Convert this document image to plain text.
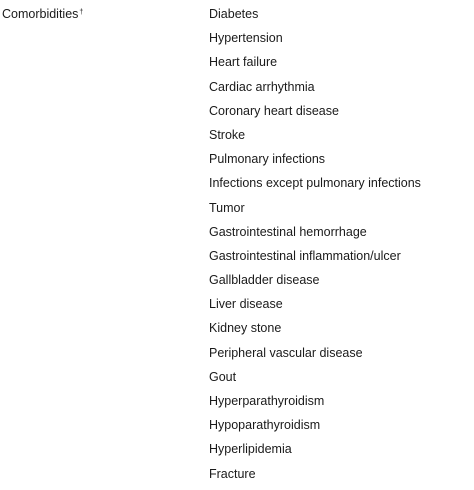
Comorbidities†	Diabetes
Hypertension
Heart failure
Cardiac arrhythmia
Coronary heart disease
Stroke
Pulmonary infections
Infections except pulmonary infections
Tumor
Gastrointestinal hemorrhage
Gastrointestinal inflammation/ulcer
Gallbladder disease
Liver disease
Kidney stone
Peripheral vascular disease
Gout
Hyperparathyroidism
Hypoparathyroidism
Hyperlipidemia
Fracture
